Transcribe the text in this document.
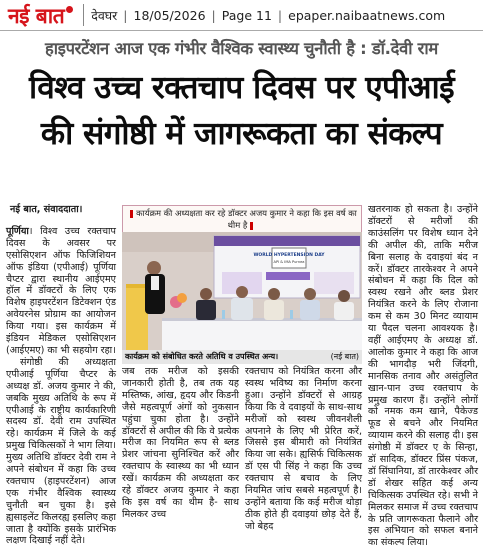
नई बात देवघर | 18/05/2026 | Page 11 | epaper.naibaatnews.com
हाइपरटेंशन आज एक गंभीर वैश्विक स्वास्थ्य चुनौती है : डॉ.देवी राम
विश्व उच्च रक्तचाप दिवस पर एपीआई
की संगोष्ठी में जागरूकता का संकल्प

नई बात, संवाददाता।

पूर्णिया। विश्व उच्च रक्तचाप दिवस के अवसर पर एसोसिएशन ऑफ फिजिशियन ऑफ इंडिया (एपीआई) पूर्णिया चैप्टर द्वारा स्थानीय आईएमए हॉल में डॉक्टरों के लिए एक विशेष हाइपरटेंशन डिटेक्शन एंड अवेयरनेस प्रोग्राम का आयोजन किया गया। इस कार्यक्रम में इंडियन मेडिकल एसोसिएशन (आईएमए) का भी सहयोग रहा।

संगोष्ठी की अध्यक्षता एपीआई पूर्णिया चैप्टर के अध्यक्ष डॉ. अजय कुमार ने की, जबकि मुख्य अतिथि के रूप में एपीआई के राष्ट्रीय कार्यकारिणी सदस्य डॉ. देवी राम उपस्थित रहे। कार्यक्रम में जिले के कई प्रमुख चिकित्सकों ने भाग लिया। मुख्य अतिथि डॉक्टर देवी राम ने अपने संबोधन में कहा कि उच्च रक्तचाप (हाइपरटेंशन) आज एक गंभीर वैश्विक स्वास्थ्य चुनौती बन चुका है। इसे ह्यसाइलेंट किलरह्य इसलिए कहा जाता है क्योंकि इसके प्रारंभिक लक्षण दिखाई नहीं देते।

कार्यक्रम की अध्यक्षता कर रहे डॉक्टर अजय कुमार ने कहा कि इस वर्ष का थीम है
WORLD HYPERTENSION DAY
API & IMA Purnea
कार्यक्रम को संबोधित करते अतिथि व उपस्थित अन्य।	(नई बात)

जब तक मरीज को इसकी जानकारी होती है, तब तक यह मस्तिष्क, आंख, हृदय और किडनी जैसे महत्वपूर्ण अंगों को नुकसान पहुंचा चुका होता है। उन्होंने डॉक्टरों से अपील की कि वे प्रत्येक मरीज का नियमित रूप से ब्लड प्रेशर जांचना सुनिश्चित करें और रक्तचाप के स्वास्थ्य का भी ध्यान रखें। कार्यक्रम की अध्यक्षता कर रहे डॉक्टर अजय कुमार ने कहा कि इस वर्ष का थीम है- साथ मिलकर उच्च

रक्तचाप को नियंत्रित करना और स्वस्थ भविष्य का निर्माण करना हुआ। उन्होंने डॉक्टरों से आग्रह किया कि वे दवाइयों के साथ-साथ मरीजों को स्वस्थ जीवनशैली अपनाने के लिए भी प्रेरित करें, जिससे इस बीमारी को नियंत्रित किया जा सके। ह्यसिर्फ चिकित्सक डॉ एस पी सिंह ने कहा कि उच्च रक्तचाप से बचाव के लिए नियमित जांच सबसे महत्वपूर्ण है। उन्होंने बताया कि कई मरीज थोड़ा ठीक होते ही दवाइयां छोड़ देते हैं, जो बेहद

खतरनाक हो सकता है। उन्होंने डॉक्टरों से मरीजों की काउंसलिंग पर विशेष ध्यान देने की अपील की, ताकि मरीज बिना सलाह के दवाइयां बंद न करें। डॉक्टर तारकेश्वर ने अपने संबोधन में कहा कि दिल को स्वस्थ रखने और ब्लड प्रेशर नियंत्रित करने के लिए रोजाना कम से कम 30 मिनट व्यायाम या पैदल चलना आवश्यक है। वहीं आईएमए के अध्यक्ष डॉ. आलोक कुमार ने कहा कि आज की भागदौड़ भरी जिंदगी, मानसिक तनाव और असंतुलित खान-पान उच्च रक्तचाप के प्रमुख कारण हैं। उन्होंने लोगों को नमक कम खाने, पैकेज्ड फूड से बचने और नियमित व्यायाम करने की सलाह दी। इस संगोष्ठी में डॉक्टर ए के सिन्हा, डॉ सादिक, डॉक्टर प्रिंस पंकज, डॉ सिंघानिया, डॉ तारकेश्वर और डॉ शेखर सहित कई अन्य चिकित्सक उपस्थित रहे। सभी ने मिलकर समाज में उच्च रक्तचाप के प्रति जागरूकता फैलाने और इस अभियान को सफल बनाने का संकल्प लिया।
